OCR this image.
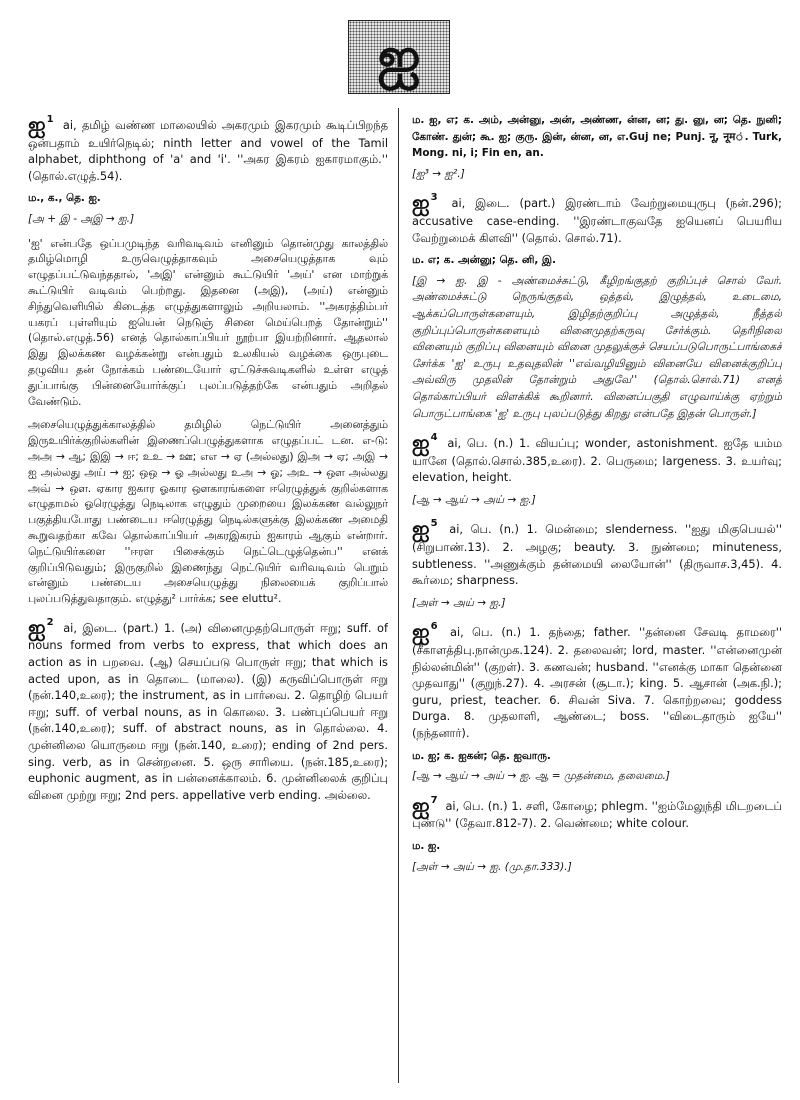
ஐ

ஐ$^1$ ai, தமிழ் வண்ண மாலையில் அகரமும் இகரமும் கூடிப்பிறந்த ஒன்பதாம் உயிர்நெடில்; ninth letter and vowel of the Tamil alphabet, diphthong of 'a' and 'i'. ''அகர இகரம் ஐகாரமாகும்.'' (தொல்.எழுத்.54).

ம., க., தெ. ஐ.

[அ + இ - அஇ → ஐ.]

'ஐ' என்பதே ஒப்பமுடிந்த வரிவடிவம் எனினும் தொன்முது காலத்தில் தமிழ்மொழி உருவெழுத்தாகவும் அசையெழுத்தாக வும் எழுதப்பட்டுவந்ததால், 'அஇ' என்னும் கூட்டுயிர் 'அய்' என மாற்றுக் கூட்டுயிர் வடிவம் பெற்றது. இதனை (அஇ), (அய்) என்னும் சிந்துவெளியில் கிடைத்த எழுத்துகளாலும் அறியலாம். ''அகரத்திம்பர் யகரப் புள்ளியும் ஐயென் நெடுஞ் சினை மெய்பெறத் தோன்றும்'' (தொல்.எழுத்.56) எனத் தொல்காப்பியர் நூற்பா இயற்றினார். ஆதலால் இது இலக்கண வழக்கன்று என்பதும் உலகியல் வழக்கை ஒருபுடை தழுவிய தன் நோக்கம் பண்டையோர் ஏட்டுச்சுவடிகளில் உள்ள எழுத் துப்பாங்கு பின்னையோர்க்குப் புலப்படுத்தற்கே என்பதும் அறிதல் வேண்டும்.

அசையெழுத்துக்காலத்தில் தமிழில் நெட்டுயிர் அனைத்தும் இருஉயிர்க்குறில்களின் இணைப்பெழுத்துகளாக எழுதப்பட் டன. எ-டு: அஅ → ஆ; இஇ → ஈ; உஉ → ஊ; எஎ → ஏ (அல்லது) இஅ → ஏ; அஇ → ஐ அல்லது அய் → ஐ; ஒஒ → ஓ அல்லது உஅ → ஓ; அஉ → ஔ அல்லது அவ் → ஔ. ஏகார ஐகார ஓகார ஔகாரங்களை ஈரெழுத்துக் குறில்களாக எழுதாமல் ஓரெழுத்து நெடிலாக எழுதும் முறையை இலக்கண வல்லுநர் பகுத்தியபோது பண்டைய ஈரெழுத்து நெடில்களுக்கு இலக்கண அமைதி கூறுவதற்கா கவே தொல்காப்பியர் அகரஇகரம் ஐகாரம் ஆகும் என்றார். நெட்டுயிர்களை ''ஈரள பிசைக்கும் நெட்டெழுத்தென்ப'' எனக் குறிப்பிடுவதும்; இருகுறில் இணைந்து நெட்டுயிர் வரிவடிவம் பெறும் என்னும் பண்டைய அசையெழுத்து நிலையைக் குறிப்பால் புலப்படுத்துவதாகும். எழுத்து² பார்க்க; see eluttu².

ஐ$^2$ ai, இடை. (part.) 1. (அ) வினைமுதற்பொருள் ஈறு; suff. of nouns formed from verbs to express, that which does an action as in பறவை. (ஆ) செயப்படு பொருள் ஈறு; that which is acted upon, as in தொடை (மாலை). (இ) கருவிப்பொருள் ஈறு (நன்.140,உரை); the instrument, as in பார்வை. 2. தொழிற் பெயர் ஈறு; suff. of verbal nouns, as in கொலை. 3. பண்புப்பெயர் ஈறு (நன்.140,உரை); suff. of abstract nouns, as in தொல்லை. 4. முன்னிலை யொருமை ஈறு (நன்.140, உரை); ending of 2nd pers. sing. verb, as in சென்றனை. 5. ஒரு சாரியை. (நன்.185,உரை); euphonic augment, as in பன்னைக்காலம். 6. முன்னிலைக் குறிப்பு வினை முற்று ஈறு; 2nd pers. appellative verb ending. அல்லை.

ம. ஐ, எ; க. அம், அன்னு, அன், அண்ண, ன்ன, ன; து. னு, ன; தெ. நுனி; கோண். துன்; கூ. ஐ; குரு. இன், ன்ன, ன, எ.Guj ne; Punj. नू, नूम். Turk, Mong. ni, i; Fin en, an.

[ஐ³ → ஐ².]

ஐ$^3$ ai, இடை. (part.) இரண்டாம் வேற்றுமையுருபு (நன்.296); accusative case-ending. ''இரண்டாகுவதே ஐயெனப் பெயரிய வேற்றுமைக் கிளவி'' (தொல். சொல்.71).

ம. எ; க. அன்னு; தெ. னி, இ.

[இ → ஐ. இ - அண்மைச்சுட்டு, கீழிறங்குதற் குறிப்புச் சொல் வேர். அண்மைச்சுட்டு நெருங்குதல், ஒத்தல், இழுத்தல், உடைமை, ஆக்கப்பொருள்களையும், இழிதற்குறிப்பு அழுத்தல், நீத்தல் குறிப்புப்பொருள்களையும் வினைமுதற்கருவு சேர்க்கும். தெரிநிலை வினையும் குறிப்பு வினையும் வினை முதலுக்குச் செயப்படுபொருட்பாங்கைச் சேர்க்க 'ஐ' உருபு உதவுதலின் ''எவ்வழியினும் வினையே வினைக்குறிப்பு அவ்விரு முதலின் தோன்றும் அதுவே'' (தொல்.சொல்.71) எனத் தொல்காப்பியர் விளக்கிக் கூறினார். வினைப்பகுதி எழுவாய்க்கு ஏற்றும் பொருட்பாங்கை 'ஐ' உருபு புலப்படுத்து கிறது என்பதே இதன் பொருள்.]

ஐ$^4$ ai, பெ. (n.) 1. வியப்பு; wonder, astonishment. ஐதே யம்ம யானே (தொல்.சொல்.385,உரை). 2. பெருமை; largeness. 3. உயர்வு; elevation, height.

[ஆ → ஆய் → அய் → ஐ.]

ஐ$^5$ ai, பெ. (n.) 1. மென்மை; slenderness. ''ஐது மிகுபெயல்'' (சிறுபாண்.13). 2. அழகு; beauty. 3. நுண்மை; minuteness, subtleness. ''அணுக்கும் தன்மையி லையோன்'' (திருவாச.3,45). 4. கூர்மை; sharpness.

[அள் → அய் → ஐ.]

ஐ$^6$ ai, பெ. (n.) 1. தந்தை; father. ''தன்னை சேவடி தாமரை'' (சீகாளத்திபு.நான்முக.124). 2. தலைவன்; lord, master. ''என்னைமுன் நில்லன்மின்'' (குறள்). 3. கணவன்; husband. ''எனக்கு மாகா தென்னை முதவாது'' (குறுந்.27). 4. அரசன் (சூடா.); king. 5. ஆசான் (அக.நி.); guru, priest, teacher. 6. சிவன் Siva. 7. கொற்றவை; goddess Durga. 8. முதலாளி, ஆண்டை; boss. ''விடைதாரும் ஐயே'' (நந்தனார்).

ம. ஐ; க. ஐகன்; தெ. ஐவாரு.

[ஆ → ஆய் → அய் → ஐ. ஆ = முதன்மை, தலைமை.]

ஐ$^7$ ai, பெ. (n.) 1. சளி, கோழை; phlegm. ''ஐம்மேலுந்தி மிடறடைப் புண்டு'' (தேவா.812-7). 2. வெண்மை; white colour.

ம. ஐ.

[அள் → அய் → ஐ. (மு.தா.333).]
